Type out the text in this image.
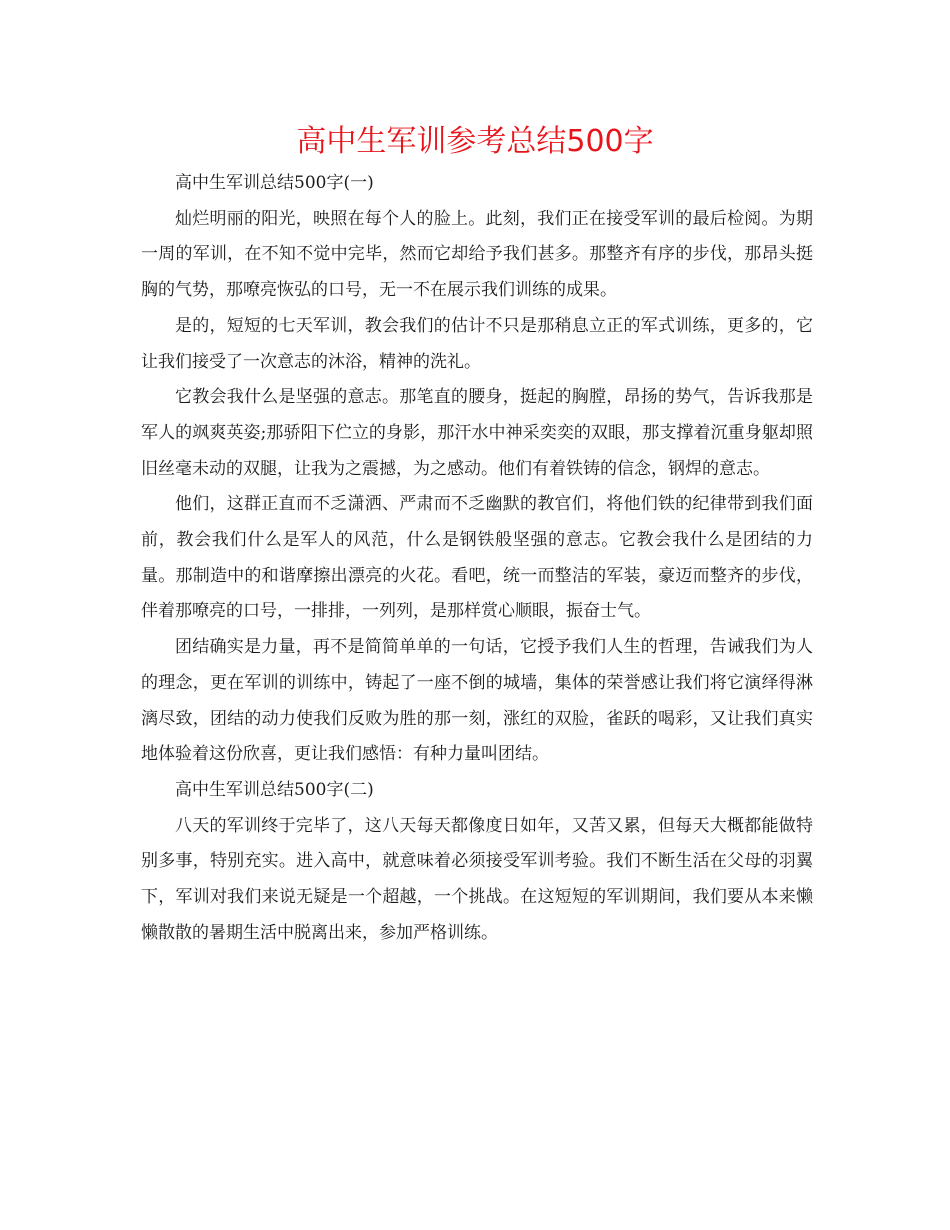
高中生军训参考总结500字

高中生军训总结500字(一)

灿烂明丽的阳光，映照在每个人的脸上。此刻，我们正在接受军训的最后检阅。为期一周的军训，在不知不觉中完毕，然而它却给予我们甚多。那整齐有序的步伐，那昂头挺胸的气势，那嘹亮恢弘的口号，无一不在展示我们训练的成果。

是的，短短的七天军训，教会我们的估计不只是那稍息立正的军式训练，更多的，它让我们接受了一次意志的沐浴，精神的洗礼。

它教会我什么是坚强的意志。那笔直的腰身，挺起的胸膛，昂扬的势气，告诉我那是军人的飒爽英姿;那骄阳下伫立的身影，那汗水中神采奕奕的双眼，那支撑着沉重身躯却照旧丝毫未动的双腿，让我为之震撼，为之感动。他们有着铁铸的信念，钢焊的意志。

他们，这群正直而不乏潇洒、严肃而不乏幽默的教官们，将他们铁的纪律带到我们面前，教会我们什么是军人的风范，什么是钢铁般坚强的意志。它教会我什么是团结的力量。那制造中的和谐摩擦出漂亮的火花。看吧，统一而整洁的军装，豪迈而整齐的步伐，伴着那嘹亮的口号，一排排，一列列，是那样赏心顺眼，振奋士气。

团结确实是力量，再不是简简单单的一句话，它授予我们人生的哲理，告诫我们为人的理念，更在军训的训练中，铸起了一座不倒的城墙，集体的荣誉感让我们将它演绎得淋漓尽致，团结的动力使我们反败为胜的那一刻，涨红的双脸，雀跃的喝彩，又让我们真实地体验着这份欣喜，更让我们感悟：有种力量叫团结。

高中生军训总结500字(二)

八天的军训终于完毕了，这八天每天都像度日如年，又苦又累，但每天大概都能做特别多事，特别充实。进入高中，就意味着必须接受军训考验。我们不断生活在父母的羽翼下，军训对我们来说无疑是一个超越，一个挑战。在这短短的军训期间，我们要从本来懒懒散散的暑期生活中脱离出来，参加严格训练。
